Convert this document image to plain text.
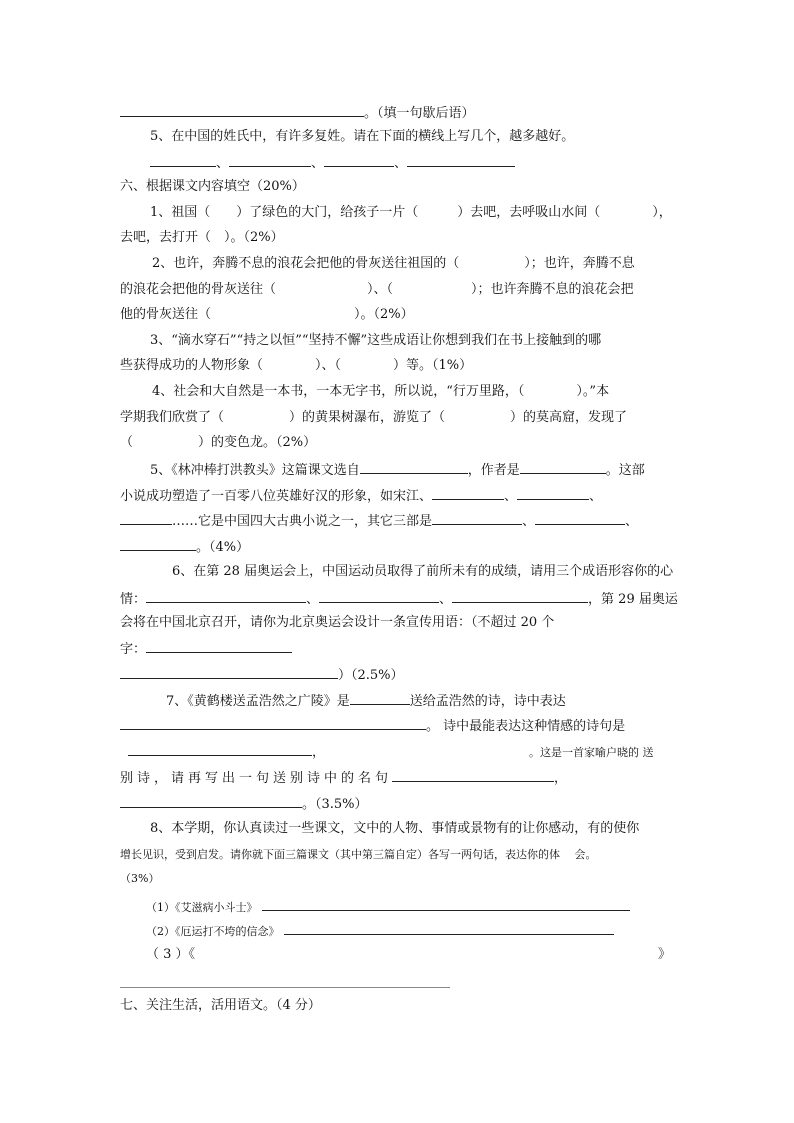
。（填一句歇后语）
5、在中国的姓氏中，有许多复姓。请在下面的横线上写几个，越多越好。
、	、	、
六、根据课文内容填空（20%）
1、祖国（　　）了绿色的大门，给孩子一片（　　　）去吧，去呼吸山水间（　　　　），
去吧，去打开（　）。（2%）
2、也许，奔腾不息的浪花会把他的骨灰送往祖国的（　　　　　）；也许，奔腾不息
的浪花会把他的骨灰送往（　　　　　　　）、（　　　　　　）；也许奔腾不息的浪花会把
他的骨灰送往（　　　　　　　　　　　）。（2%）
3、“滴水穿石”“持之以恒”“坚持不懈”这些成语让你想到我们在书上接触到的哪
些获得成功的人物形象（　　　　）、（　　　　）等。（1%）
4、社会和大自然是一本书，一本无字书，所以说，“行万里路，（　　　　）。”本
学期我们欣赏了（　　　　　）的黄果树瀑布，游览了（　　　　　）的莫高窟，发现了
（　　　　　）的变色龙。（2%）
5、《林冲棒打洪教头》这篇课文选自	，作者是	。这部
小说成功塑造了一百零八位英雄好汉的形象，如宋江、	、	、
……它是中国四大古典小说之一，其它三部是	、	、
。（4%）
6、在第 28 届奥运会上，中国运动员取得了前所未有的成绩，请用三个成语形容你的心
情：	、	、	，第 29 届奥运
会将在中国北京召开，请你为北京奥运会设计一条宣传用语：（不超过 20 个
字：
）（2.5%）
7、《黄鹤楼送孟浩然之广陵》是	送给孟浩然的诗，诗中表达
。 诗中最能表达这种情感的诗句是
，	。这是一首家喻户晓的 送
别诗，请再写出一句送别诗中的名句	，
。（3.5%）
8、本学期，你认真读过一些课文，文中的人物、事情或景物有的让你感动，有的使你
增长见识，受到启发。请你就下面三篇课文（其中第三篇自定）各写一两句话，表达你的体　 会。
（3%）
（1）《艾滋病小斗士》
（2）《厄运打不垮的信念》
（ 3 ）《	》
七、关注生活，活用语文。（4 分）
